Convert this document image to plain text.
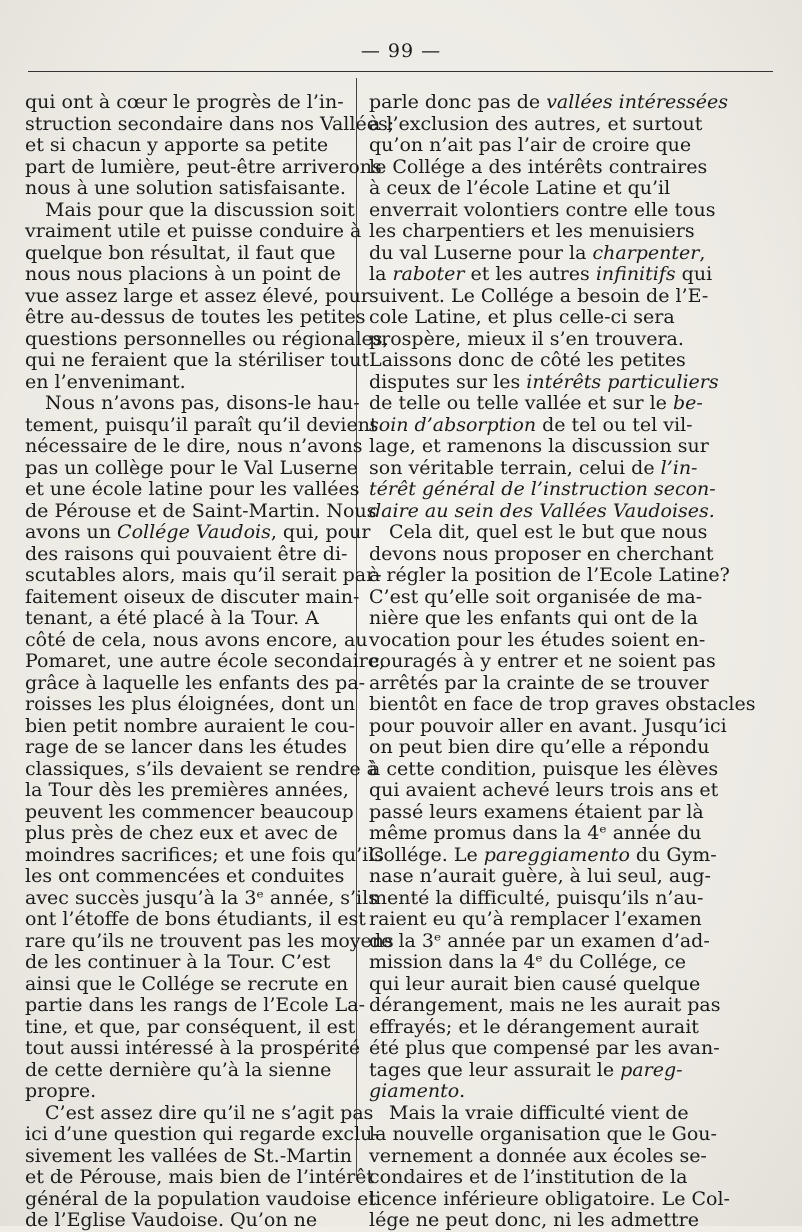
— 99 —
qui ont à cœur le progrès de l’in-
struction secondaire dans nos Vallées;
et si chacun y apporte sa petite
part de lumière, peut-être arriverons
nous à une solution satisfaisante.
Mais pour que la discussion soit
vraiment utile et puisse conduire à
quelque bon résultat, il faut que
nous nous placions à un point de
vue assez large et assez élevé, pour
être au-dessus de toutes les petites
questions personnelles ou régionales,
qui ne feraient que la stériliser tout
en l’envenimant.
Nous n’avons pas, disons-le hau-
tement, puisqu’il paraît qu’il devient
nécessaire de le dire, nous n’avons
pas un collège pour le Val Luserne
et une école latine pour les vallées
de Pérouse et de Saint-Martin. Nous
avons un Collége Vaudois, qui, pour
des raisons qui pouvaient être di-
scutables alors, mais qu’il serait par-
faitement oiseux de discuter main-
tenant, a été placé à la Tour. A
côté de cela, nous avons encore, au
Pomaret, une autre école secondaire,
grâce à laquelle les enfants des pa-
roisses les plus éloignées, dont un
bien petit nombre auraient le cou-
rage de se lancer dans les études
classiques, s’ils devaient se rendre à
la Tour dès les premières années,
peuvent les commencer beaucoup
plus près de chez eux et avec de
moindres sacrifices; et une fois qu’ils
les ont commencées et conduites
avec succès jusqu’à la 3ᵉ année, s’ils
ont l’étoffe de bons étudiants, il est
rare qu’ils ne trouvent pas les moyens
de les continuer à la Tour. C’est
ainsi que le Collége se recrute en
partie dans les rangs de l’Ecole La-
tine, et que, par conséquent, il est
tout aussi intéressé à la prospérité
de cette dernière qu’à la sienne
propre.
C’est assez dire qu’il ne s’agit pas
ici d’une question qui regarde exclu-
sivement les vallées de St.-Martin
et de Pérouse, mais bien de l’intérêt
général de la population vaudoise et
de l’Eglise Vaudoise. Qu’on ne
parle donc pas de vallées intéressées
à l’exclusion des autres, et surtout
qu’on n’ait pas l’air de croire que
le Collége a des intérêts contraires
à ceux de l’école Latine et qu’il
enverrait volontiers contre elle tous
les charpentiers et les menuisiers
du val Luserne pour la charpenter,
la raboter et les autres infinitifs qui
suivent. Le Collége a besoin de l’E-
cole Latine, et plus celle-ci sera
prospère, mieux il s’en trouvera.
Laissons donc de côté les petites
disputes sur les intérêts particuliers
de telle ou telle vallée et sur le be-
soin d’absorption de tel ou tel vil-
lage, et ramenons la discussion sur
son véritable terrain, celui de l’in-
térêt général de l’instruction secon-
daire au sein des Vallées Vaudoises.
Cela dit, quel est le but que nous
devons nous proposer en cherchant
à régler la position de l’Ecole Latine?
C’est qu’elle soit organisée de ma-
nière que les enfants qui ont de la
vocation pour les études soient en-
couragés à y entrer et ne soient pas
arrêtés par la crainte de se trouver
bientôt en face de trop graves obstacles
pour pouvoir aller en avant. Jusqu’ici
on peut bien dire qu’elle a répondu
à cette condition, puisque les élèves
qui avaient achevé leurs trois ans et
passé leurs examens étaient par là
même promus dans la 4ᵉ année du
Collége. Le pareggiamento du Gym-
nase n’aurait guère, à lui seul, aug-
menté la difficulté, puisqu’ils n’au-
raient eu qu’à remplacer l’examen
de la 3ᵉ année par un examen d’ad-
mission dans la 4ᵉ du Collége, ce
qui leur aurait bien causé quelque
dérangement, mais ne les aurait pas
effrayés; et le dérangement aurait
été plus que compensé par les avan-
tages que leur assurait le pareg-
giamento.
Mais la vraie difficulté vient de
la nouvelle organisation que le Gou-
vernement a donnée aux écoles se-
condaires et de l’institution de la
licence inférieure obligatoire. Le Col-
lége ne peut donc, ni les admettre
